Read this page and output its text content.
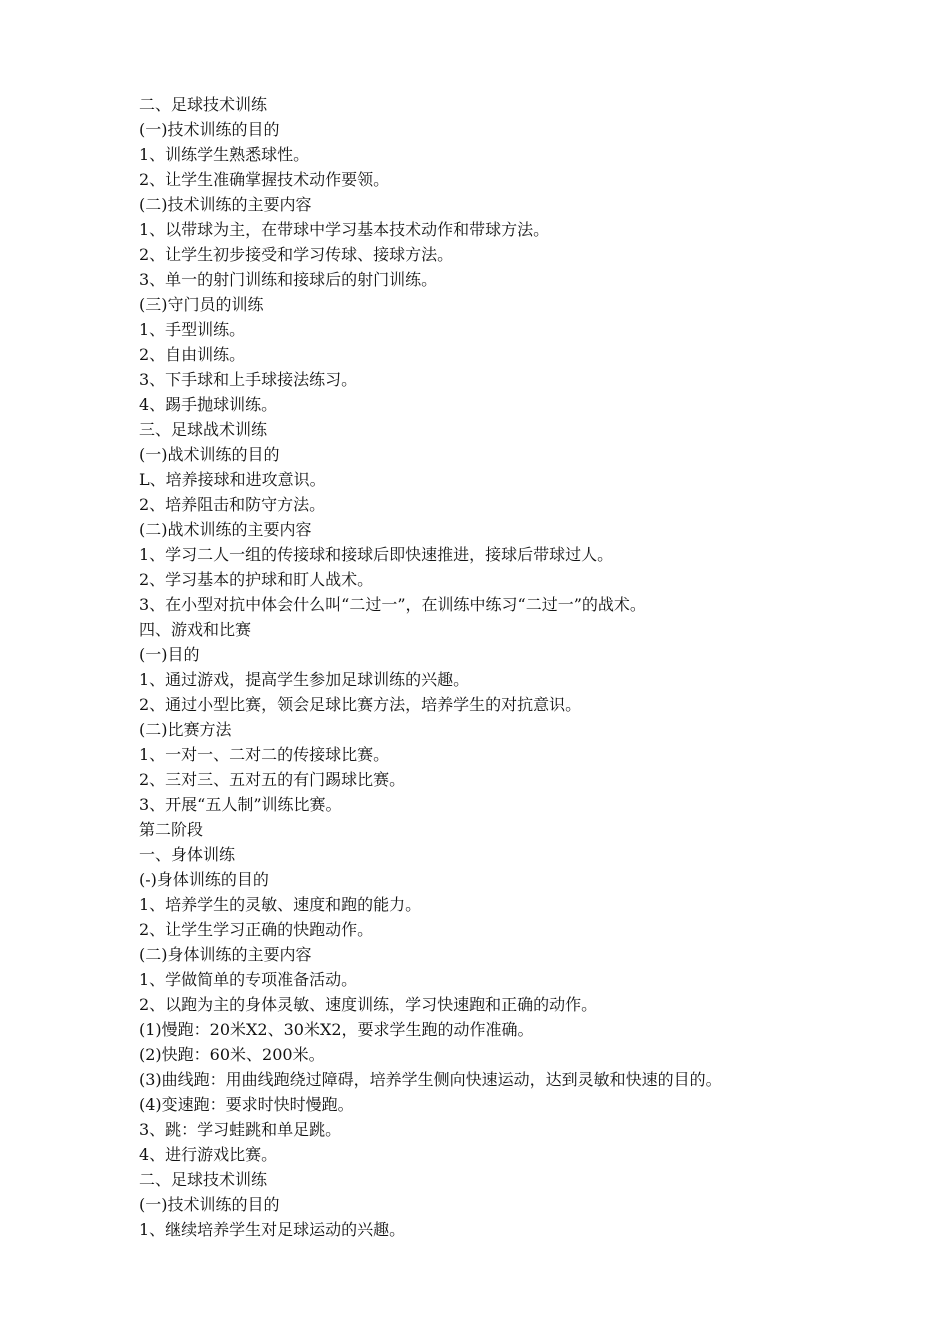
二、足球技术训练
(一)技术训练的目的
1、训练学生熟悉球性。
2、让学生准确掌握技术动作要领。
(二)技术训练的主要内容
1、以带球为主，在带球中学习基本技术动作和带球方法。
2、让学生初步接受和学习传球、接球方法。
3、单一的射门训练和接球后的射门训练。
(三)守门员的训练
1、手型训练。
2、自由训练。
3、下手球和上手球接法练习。
4、踢手抛球训练。
三、足球战术训练
(一)战术训练的目的
L、培养接球和进攻意识。
2、培养阻击和防守方法。
(二)战术训练的主要内容
1、学习二人一组的传接球和接球后即快速推进，接球后带球过人。
2、学习基本的护球和盯人战术。
3、在小型对抗中体会什么叫“二过一”，在训练中练习“二过一”的战术。
四、游戏和比赛
(一)目的
1、通过游戏，提高学生参加足球训练的兴趣。
2、通过小型比赛，领会足球比赛方法，培养学生的对抗意识。
(二)比赛方法
1、一对一、二对二的传接球比赛。
2、三对三、五对五的有门踢球比赛。
3、开展“五人制”训练比赛。
第二阶段
一、身体训练
(-)身体训练的目的
1、培养学生的灵敏、速度和跑的能力。
2、让学生学习正确的快跑动作。
(二)身体训练的主要内容
1、学做简单的专项准备活动。
2、以跑为主的身体灵敏、速度训练，学习快速跑和正确的动作。
(1)慢跑：20米X2、30米X2，要求学生跑的动作准确。
(2)快跑：60米、200米。
(3)曲线跑：用曲线跑绕过障碍，培养学生侧向快速运动，达到灵敏和快速的目的。
(4)变速跑：要求时快时慢跑。
3、跳：学习蛙跳和单足跳。
4、进行游戏比赛。
二、足球技术训练
(一)技术训练的目的
1、继续培养学生对足球运动的兴趣。
